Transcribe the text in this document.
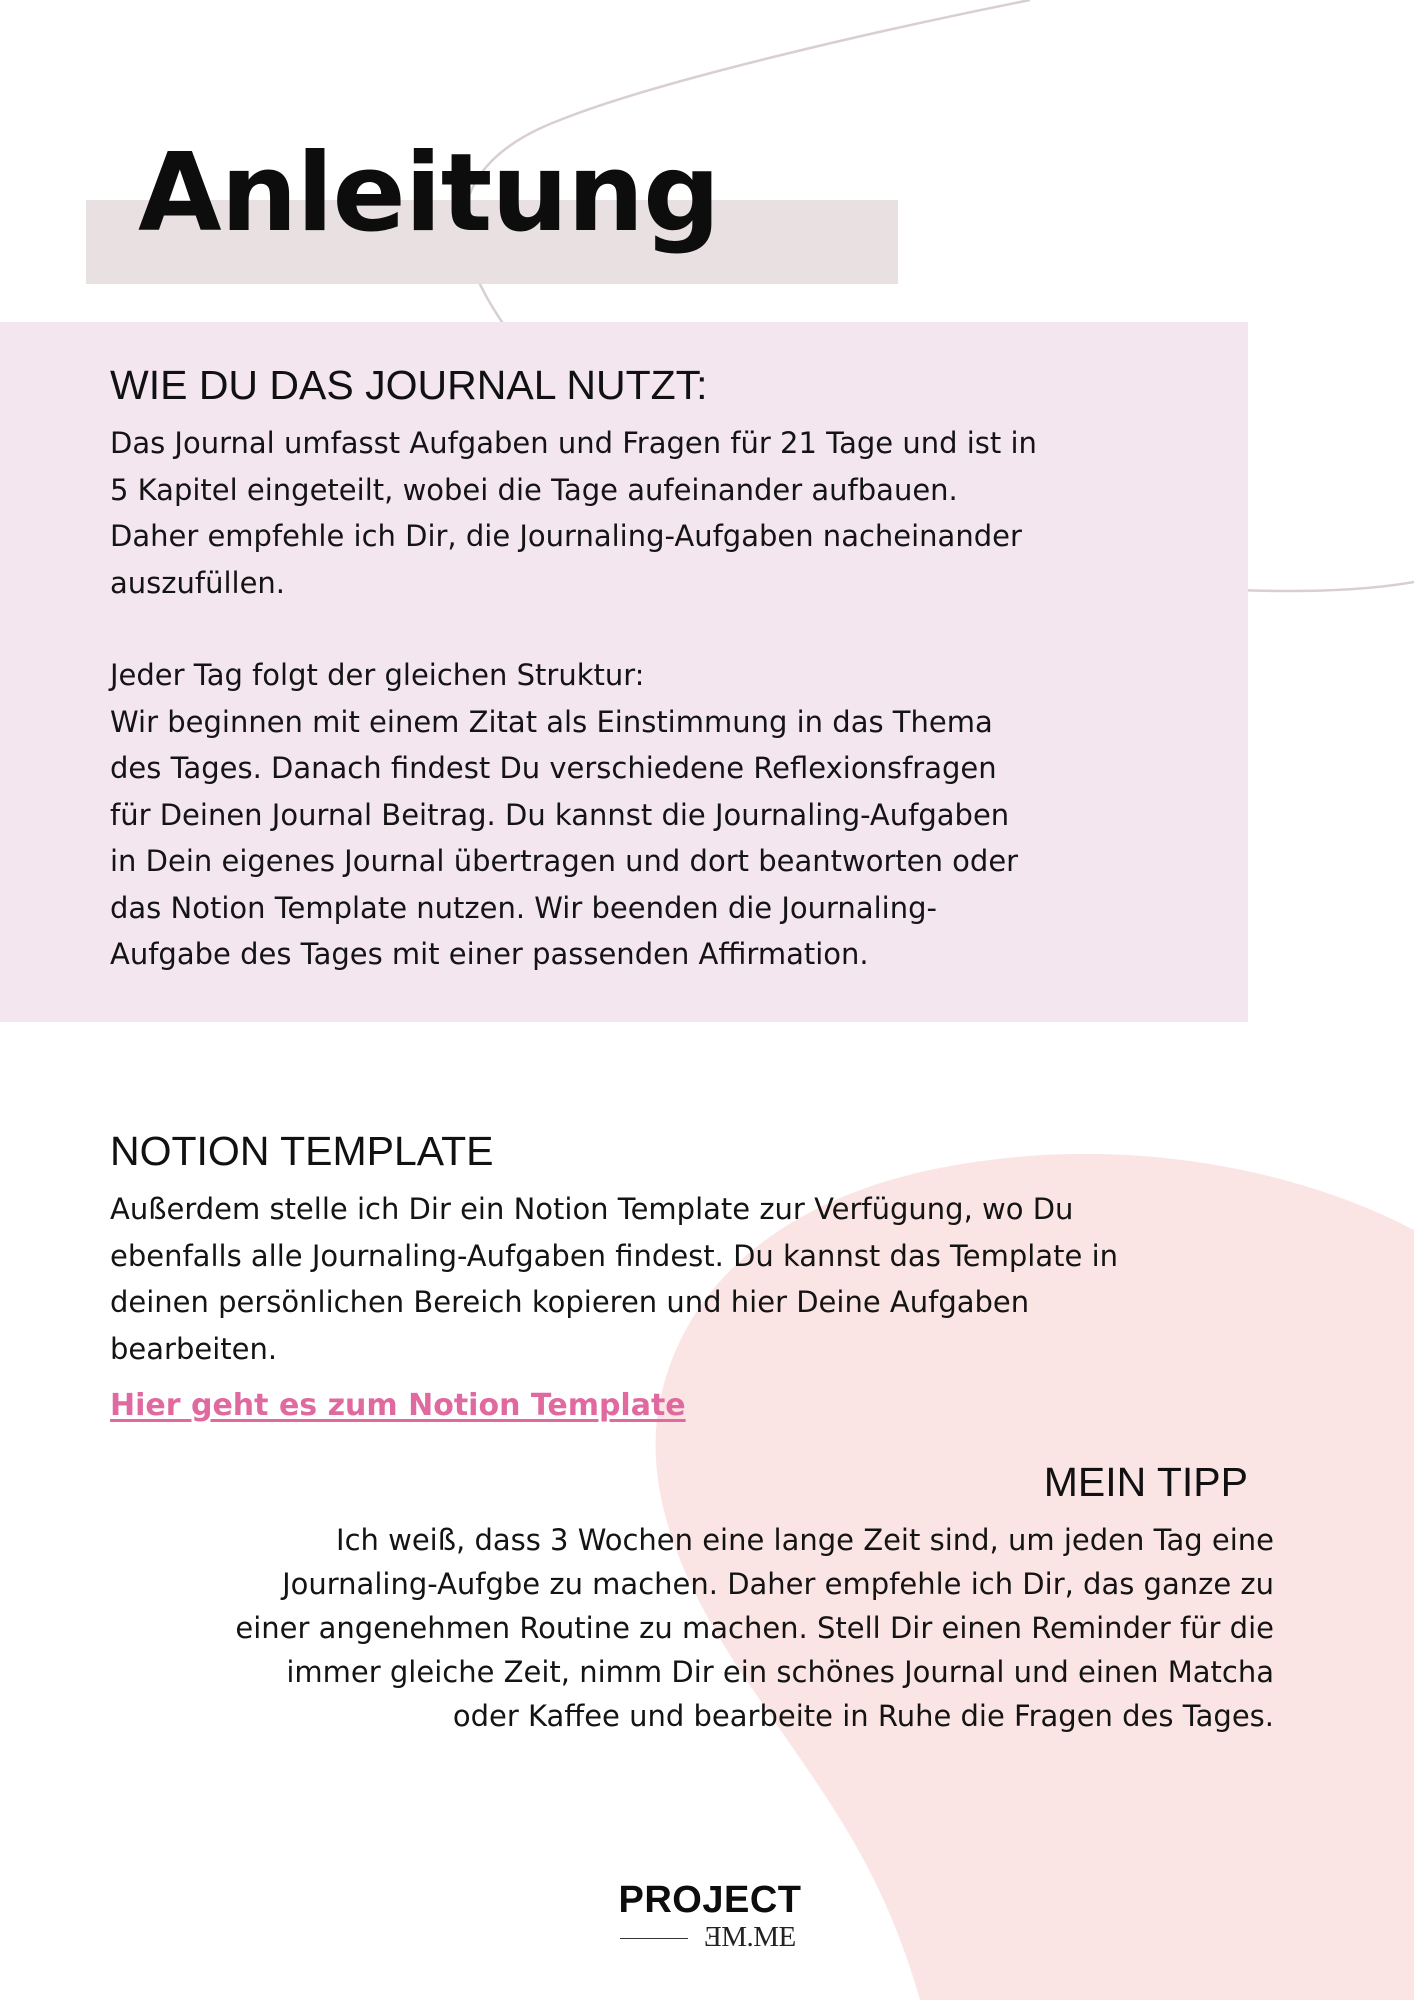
Anleitung
WIE DU DAS JOURNAL NUTZT:

Das Journal umfasst Aufgaben und Fragen für 21 Tage und ist in
5 Kapitel eingeteilt, wobei die Tage aufeinander aufbauen.
Daher empfehle ich Dir, die Journaling-Aufgaben nacheinander
auszufüllen.

Jeder Tag folgt der gleichen Struktur:
Wir beginnen mit einem Zitat als Einstimmung in das Thema
des Tages. Danach findest Du verschiedene Reflexionsfragen
für Deinen Journal Beitrag. Du kannst die Journaling-Aufgaben
in Dein eigenes Journal übertragen und dort beantworten oder
das Notion Template nutzen. Wir beenden die Journaling-
Aufgabe des Tages mit einer passenden Affirmation.

NOTION TEMPLATE

Außerdem stelle ich Dir ein Notion Template zur Verfügung, wo Du
ebenfalls alle Journaling-Aufgaben findest. Du kannst das Template in
deinen persönlichen Bereich kopieren und hier Deine Aufgaben
bearbeiten.

Hier geht es zum Notion Template
MEIN TIPP

Ich weiß, dass 3 Wochen eine lange Zeit sind, um jeden Tag eine
Journaling-Aufgbe zu machen. Daher empfehle ich Dir, das ganze zu
einer angenehmen Routine zu machen. Stell Dir einen Reminder für die
immer gleiche Zeit, nimm Dir ein schönes Journal und einen Matcha
oder Kaffee und bearbeite in Ruhe die Fragen des Tages.

PROJECT
ƎM.ME
